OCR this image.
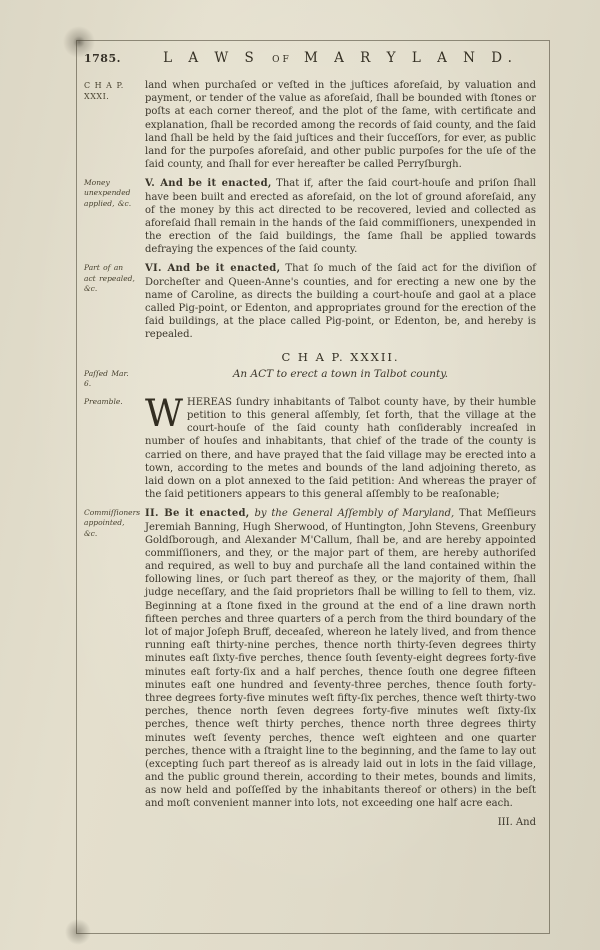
1785.	L A W S OF M A R Y L A N D.
C H A P. XXXI.

land when purchaſed or veſted in the juſtices aforeſaid, by valuation and payment, or tender of the value as aforeſaid, ſhall be bounded with ſtones or poſts at each corner thereof, and the plot of the ſame, with certificate and explanation, ſhall be recorded among the records of ſaid county, and the ſaid land ſhall be held by the ſaid juſtices and their ſucceſſors, for ever, as public land for the purpoſes aforeſaid, and other public purpoſes for the uſe of the ſaid county, and ſhall for ever hereafter be called Perryſburgh.

Money unexpended applied, &c.

V. And be it enacted, That if, after the ſaid court-houſe and priſon ſhall have been built and erected as aforeſaid, on the lot of ground aforeſaid, any of the money by this act directed to be recovered, levied and collected as aforeſaid ſhall remain in the hands of the ſaid commiſſioners, unexpended in the erection of the ſaid buildings, the ſame ſhall be applied towards defraying the expences of the ſaid county.

Part of an act repealed, &c.

VI. And be it enacted, That ſo much of the ſaid act for the diviſion of Dorcheſter and Queen-Anne's counties, and for erecting a new one by the name of Caroline, as directs the building a court-houſe and gaol at a place called Pig-point, or Edenton, and appropriates ground for the erection of the ſaid buildings, at the place called Pig-point, or Edenton, be, and hereby is repealed.

C H A P. XXXII.
Paſſed Mar. 6.
An ACT to erect a town in Talbot county.
Preamble. WHEREAS ſundry inhabitants of Talbot county have, by their humble petition to this general aſſembly, ſet forth, that the village at the court-houſe of the ſaid county hath conſiderably increaſed in number of houſes and inhabitants, that chief of the trade of the county is carried on there, and have prayed that the ſaid village may be erected into a town, according to the metes and bounds of the land adjoining thereto, as laid down on a plot annexed to the ſaid petition: And whereas the prayer of the ſaid petitioners appears to this general aſſembly to be reaſonable;

Commiſſioners appointed, &c.

II. Be it enacted, by the General Aſſembly of Maryland, That Meſſieurs Jeremiah Banning, Hugh Sherwood, of Huntington, John Stevens, Greenbury Goldſborough, and Alexander M'Callum, ſhall be, and are hereby appointed commiſſioners, and they, or the major part of them, are hereby authoriſed and required, as well to buy and purchaſe all the land contained within the following lines, or ſuch part thereof as they, or the majority of them, ſhall judge neceſſary, and the ſaid proprietors ſhall be willing to ſell to them, viz. Beginning at a ſtone fixed in the ground at the end of a line drawn north fifteen perches and three quarters of a perch from the third boundary of the lot of major Joſeph Bruff, deceaſed, whereon he lately lived, and from thence running eaſt thirty-nine perches, thence north thirty-ſeven degrees thirty minutes eaſt ſixty-five perches, thence ſouth ſeventy-eight degrees forty-five minutes eaſt forty-ſix and a half perches, thence ſouth one degree fifteen minutes eaſt one hundred and ſeventy-three perches, thence ſouth forty-three degrees forty-five minutes weſt fifty-ſix perches, thence weſt thirty-two perches, thence north ſeven degrees forty-five minutes weſt ſixty-ſix perches, thence weſt thirty perches, thence north three degrees thirty minutes weſt ſeventy perches, thence weſt eighteen and one quarter perches, thence with a ſtraight line to the beginning, and the ſame to lay out (excepting ſuch part thereof as is already laid out in lots in the ſaid village, and the public ground therein, according to their metes, bounds and limits, as now held and poſſeſſed by the inhabitants thereof or others) in the beſt and moſt convenient manner into lots, not exceeding one half acre each.

III. And
